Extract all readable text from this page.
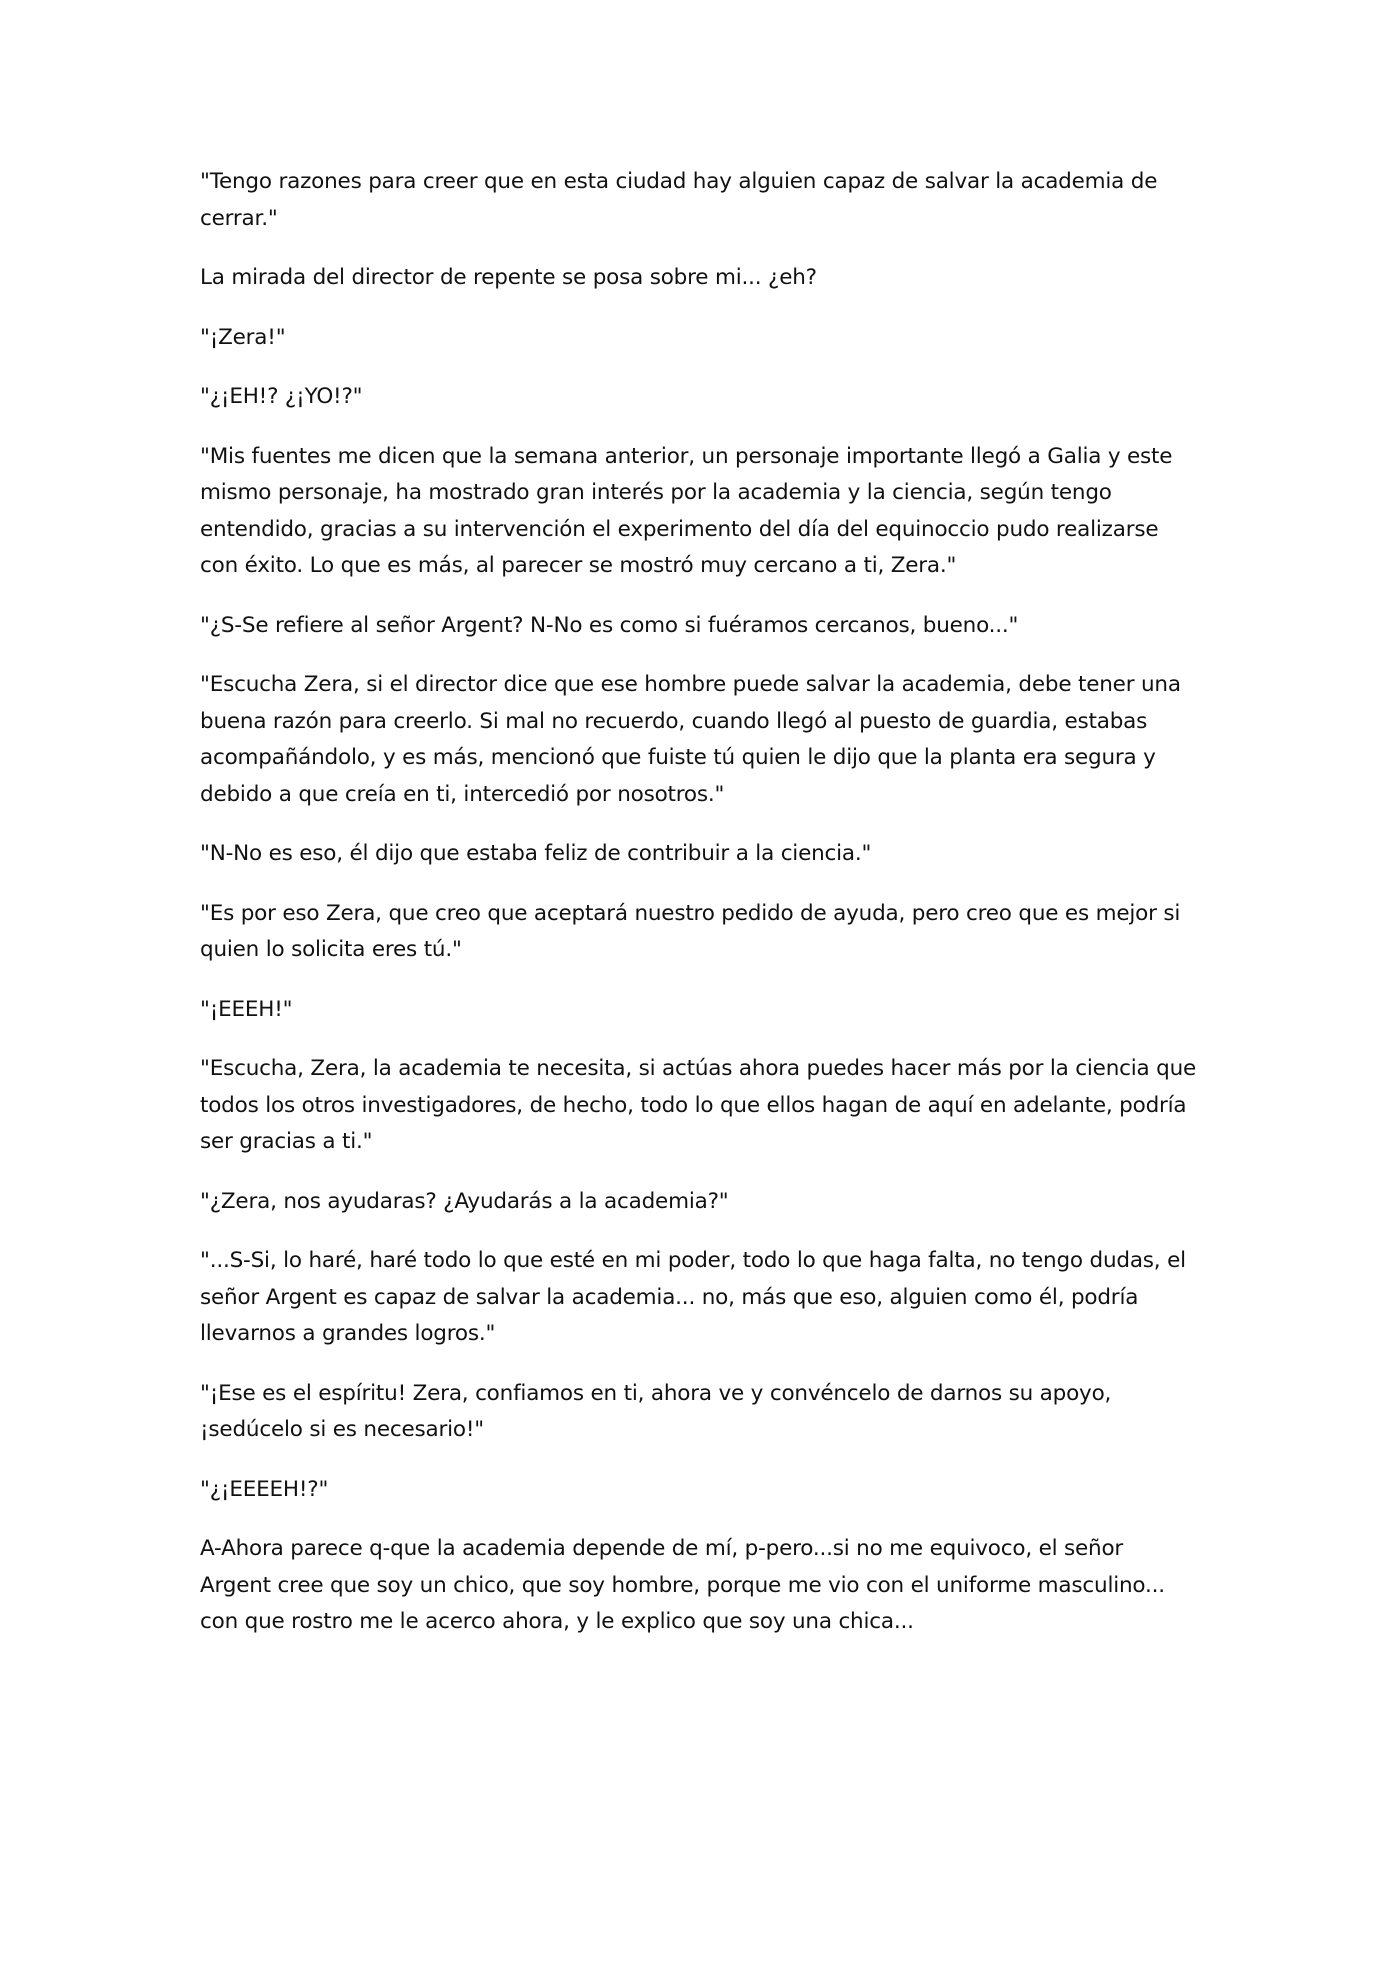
"Tengo razones para creer que en esta ciudad hay alguien capaz de salvar la academia de cerrar."

La mirada del director de repente se posa sobre mi... ¿eh?

"¡Zera!"

"¿¡EH!? ¿¡YO!?"

"Mis fuentes me dicen que la semana anterior, un personaje importante llegó a Galia y este mismo personaje, ha mostrado gran interés por la academia y la ciencia, según tengo entendido, gracias a su intervención el experimento del día del equinoccio pudo realizarse con éxito. Lo que es más, al parecer se mostró muy cercano a ti, Zera."

"¿S-Se refiere al señor Argent? N-No es como si fuéramos cercanos, bueno..."

"Escucha Zera, si el director dice que ese hombre puede salvar la academia, debe tener una buena razón para creerlo. Si mal no recuerdo, cuando llegó al puesto de guardia, estabas acompañándolo, y es más, mencionó que fuiste tú quien le dijo que la planta era segura y debido a que creía en ti, intercedió por nosotros."

"N-No es eso, él dijo que estaba feliz de contribuir a la ciencia."

"Es por eso Zera, que creo que aceptará nuestro pedido de ayuda, pero creo que es mejor si quien lo solicita eres tú."

"¡EEEH!"

"Escucha, Zera, la academia te necesita, si actúas ahora puedes hacer más por la ciencia que todos los otros investigadores, de hecho, todo lo que ellos hagan de aquí en adelante, podría ser gracias a ti."

"¿Zera, nos ayudaras? ¿Ayudarás a la academia?"

"...S-Si, lo haré, haré todo lo que esté en mi poder, todo lo que haga falta, no tengo dudas, el señor Argent es capaz de salvar la academia... no, más que eso, alguien como él, podría llevarnos a grandes logros."

"¡Ese es el espíritu! Zera, confiamos en ti, ahora ve y convéncelo de darnos su apoyo, ¡sedúcelo si es necesario!"

"¿¡EEEEH!?"

A-Ahora parece q-que la academia depende de mí, p-pero...si no me equivoco, el señor Argent cree que soy un chico, que soy hombre, porque me vio con el uniforme masculino... con que rostro me le acerco ahora, y le explico que soy una chica...
